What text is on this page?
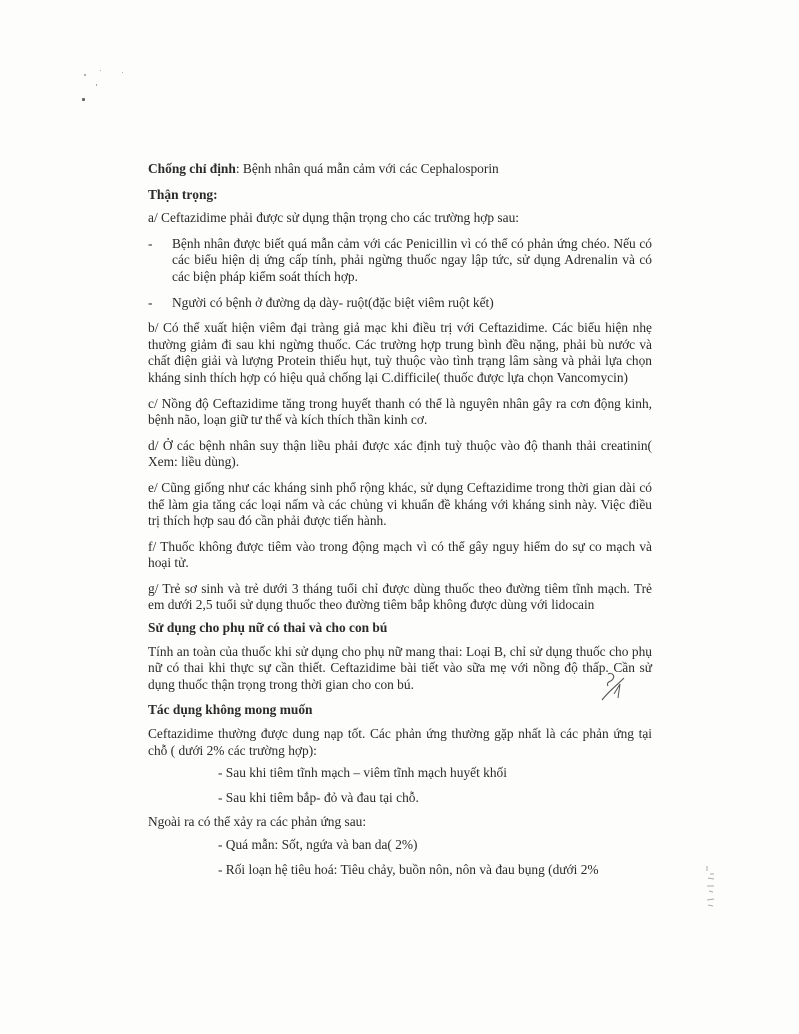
Chống chỉ định: Bệnh nhân quá mẫn cảm với các Cephalosporin

Thận trọng:

a/ Ceftazidime phải được sử dụng thận trọng cho các trường hợp sau:

-	Bệnh nhân được biết quá mẫn cảm với các Penicillin vì có thể có phản ứng chéo. Nếu có các biểu hiện dị ứng cấp tính, phải ngừng thuốc ngay lập tức, sử dụng Adrenalin và có các biện pháp kiểm soát thích hợp.
-	Người có bệnh ở đường dạ dày- ruột(đặc biệt viêm ruột kết)

b/ Có thể xuất hiện viêm đại tràng giả mạc khi điều trị với Ceftazidime. Các biểu hiện nhẹ thường giảm đi sau khi ngừng thuốc. Các trường hợp trung bình đều nặng, phải bù nước và chất điện giải và lượng Protein thiếu hụt, tuỳ thuộc vào tình trạng lâm sàng và phải lựa chọn kháng sinh thích hợp có hiệu quả chống lại C.difficile( thuốc được lựa chọn Vancomycin)

c/ Nồng độ Ceftazidime tăng trong huyết thanh có thể là nguyên nhân gây ra cơn động kinh, bệnh não, loạn giữ tư thế và kích thích thần kinh cơ.

d/ Ở các bệnh nhân suy thận liều phải được xác định tuỳ thuộc vào độ thanh thải creatinin( Xem: liều dùng).

e/ Cũng giống như các kháng sinh phổ rộng khác, sử dụng Ceftazidime trong thời gian dài có thể làm gia tăng các loại nấm và các chủng vi khuẩn đề kháng với kháng sinh này. Việc điều trị thích hợp sau đó cần phải được tiến hành.

f/ Thuốc không được tiêm vào trong động mạch vì có thể gây nguy hiểm do sự co mạch và hoại tử.

g/ Trẻ sơ sinh và trẻ dưới 3 tháng tuổi chỉ được dùng thuốc theo đường tiêm tĩnh mạch. Trẻ em dưới 2,5 tuổi sử dụng thuốc theo đường tiêm bắp không được dùng với lidocain

Sử dụng cho phụ nữ có thai và cho con bú

Tính an toàn của thuốc khi sử dụng cho phụ nữ mang thai: Loại B, chỉ sử dụng thuốc cho phụ nữ có thai khi thực sự cần thiết. Ceftazidime bài tiết vào sữa mẹ với nồng độ thấp. Cần sử dụng thuốc thận trọng trong thời gian cho con bú.

Tác dụng không mong muốn

Ceftazidime thường được dung nạp tốt. Các phản ứng thường gặp nhất là các phản ứng tại chỗ ( dưới 2% các trường hợp):

- Sau khi tiêm tĩnh mạch – viêm tĩnh mạch huyết khối

- Sau khi tiêm bắp- đỏ và đau tại chỗ.

Ngoài ra có thể xảy ra các phản ứng sau:

- Quá mẫn: Sốt, ngứa và ban da( 2%)

- Rối loạn hệ tiêu hoá: Tiêu chảy, buồn nôn, nôn và đau bụng (dưới 2%
